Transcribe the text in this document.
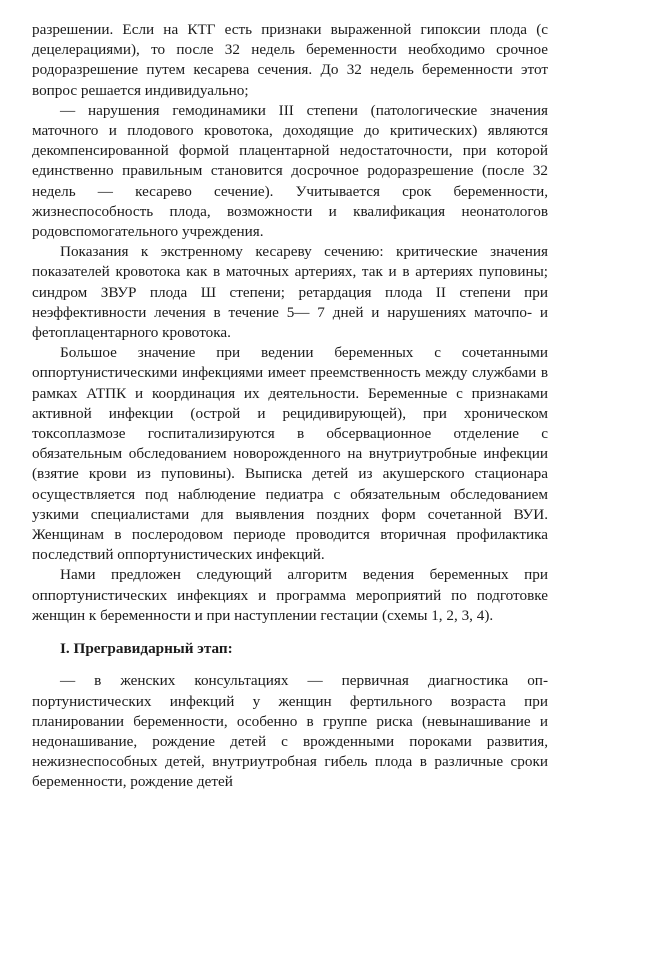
разрешении. Если на КТГ есть признаки выраженной гипоксии плода (с децелерациями), то после 32 недель беременности необходимо срочное родоразрешение путем кесарева сечения. До 32 недель беременности этот вопрос решается индивидуально;

— нарушения гемодинамики III степени (патологические значения маточного и плодового кровотока, доходящие до критических) являются декомпенсированной формой плацентарной недостаточности, при которой единственно правильным становится досрочное родоразрешение (после 32 недель — кесарево сечение). Учитывается срок беременности, жизнеспособность плода, возможности и квалификация неонатологов родовспомогательного учреждения.

Показания к экстренному кесареву сечению: критические значения показателей кровотока как в маточных артериях, так и в артериях пуповины; синдром ЗВУР плода Ш степени; ретардация плода II степени при неэффективности лечения в течение 5— 7 дней и нарушениях маточпо- и фетоплацентарного кровотока.

Большое значение при ведении беременных с сочетанными оппортунистическими инфекциями имеет преемственность между службами в рамках АТПК и координация их деятельности. Беременные с признаками активной инфекции (острой и рецидивирующей), при хроническом токсоплазмозе госпитализируются в обсервационное отделение с обязательным обследованием новорожденного на внутриутробные инфекции (взятие крови из пуповины). Выписка детей из акушерского стационара осуществляется под наблюдение педиатра с обязательным обследованием узкими специалистами для выявления поздних форм сочетанной ВУИ. Женщинам в послеродовом периоде проводится вторичная профилактика последствий оппортунистических инфекций.

Нами предложен следующий алгоритм ведения беременных при оппортунистических инфекциях и программа мероприятий по подготовке женщин к беременности и при наступлении гестации (схемы 1, 2, 3, 4).

I. Прегравидарный этап:

— в женских консультациях — первичная диагностика оппортунистических инфекций у женщин фертильного возраста при планировании беременности, особенно в группе риска (невынашивание и недонашивание, рождение детей с врожденными пороками развития, нежизнеспособных детей, внутриутробная гибель плода в различные сроки беременности, рождение детей
